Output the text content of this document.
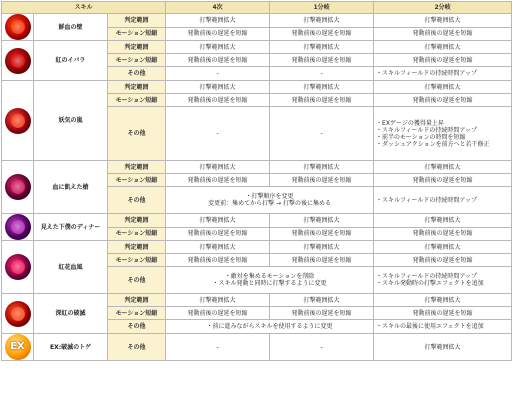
スキル			4次	1分岐	2分岐

	鮮血の壁	判定範囲	打撃範囲拡大	打撃範囲拡大	打撃範囲拡大
		モーション短縮	発動前後の遅延を短縮	発動前後の遅延を短縮	発動前後の遅延を短縮

	紅のイバラ	判定範囲	打撃範囲拡大	打撃範囲拡大	打撃範囲拡大
		モーション短縮	発動前後の遅延を短縮	発動前後の遅延を短縮	発動前後の遅延を短縮
		その他	-	-	・スキルフィールドの持続時間アップ

	妖気の嵐	判定範囲	打撃範囲拡大	打撃範囲拡大	打撃範囲拡大
		モーション短縮	発動前後の遅延を短縮	発動前後の遅延を短縮	発動前後の遅延を短縮
		その他	-	-	・EXゲージの獲得量上昇
・スキルフィールドの持続時間アップ
・前半のモーションの時間を短縮
・ダッシュアクションを前方へと若干修正

	血に飢えた槍	判定範囲	打撃範囲拡大	打撃範囲拡大	打撃範囲拡大
		モーション短縮	発動前後の遅延を短縮	発動前後の遅延を短縮	発動前後の遅延を短縮
		その他	・打撃順序を変更
変更前：集めてから打撃 → 打撃の後に集める		・スキルフィールドの持続時間アップ

	見えた下僕のディナー	判定範囲	打撃範囲拡大	打撃範囲拡大	打撃範囲拡大
		モーション短縮	発動前後の遅延を短縮	発動前後の遅延を短縮	発動前後の遅延を短縮

	紅花血風	判定範囲	打撃範囲拡大	打撃範囲拡大	打撃範囲拡大
		モーション短縮	発動前後の遅延を短縮	発動前後の遅延を短縮	発動前後の遅延を短縮
		その他	・敵対を集めるモーションを削除
・スキル発動と同時に打撃するように変更		・スキルフィールドの持続時間アップ
・スキル発動時の打撃エフェクトを追加

	深紅の破滅	判定範囲	打撃範囲拡大	打撃範囲拡大	打撃範囲拡大
		モーション短縮	発動前後の遅延を短縮	発動前後の遅延を短縮	発動前後の遅延を短縮
		その他	・前に進みながらスキルを使用するように変更		・スキルの最後に使用エフェクトを追加

EX	EX:破滅のトゲ	その他	-	-	打撃範囲拡大
